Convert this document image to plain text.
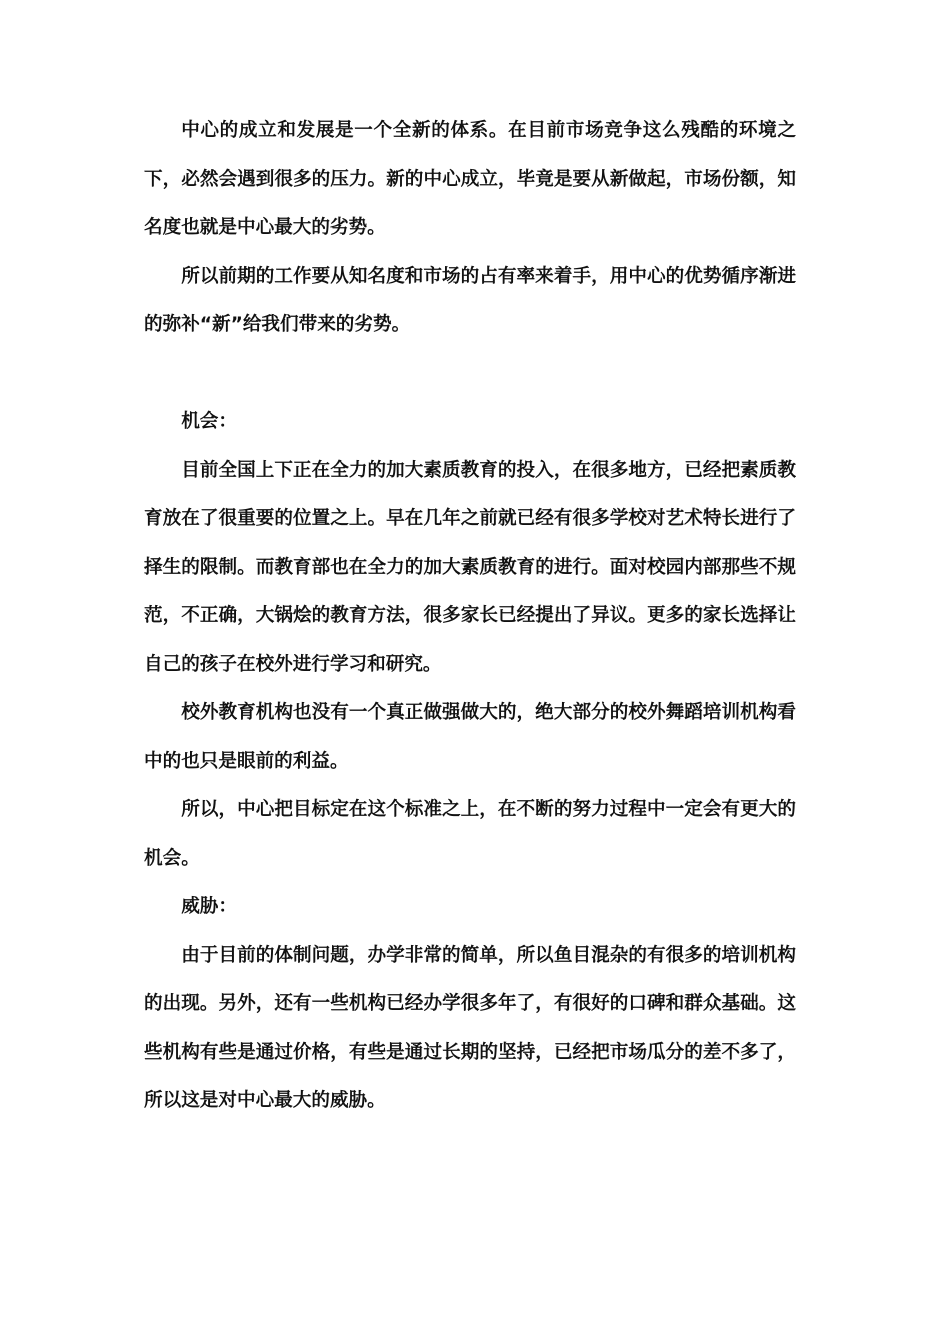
中心的成立和发展是一个全新的体系。在目前市场竞争这么残酷的环境之下，必然会遇到很多的压力。新的中心成立，毕竟是要从新做起，市场份额，知名度也就是中心最大的劣势。

所以前期的工作要从知名度和市场的占有率来着手，用中心的优势循序渐进的弥补“新”给我们带来的劣势。

机会：

目前全国上下正在全力的加大素质教育的投入，在很多地方，已经把素质教育放在了很重要的位置之上。早在几年之前就已经有很多学校对艺术特长进行了择生的限制。而教育部也在全力的加大素质教育的进行。面对校园内部那些不规范，不正确，大锅烩的教育方法，很多家长已经提出了异议。更多的家长选择让自己的孩子在校外进行学习和研究。

校外教育机构也没有一个真正做强做大的，绝大部分的校外舞蹈培训机构看中的也只是眼前的利益。

所以，中心把目标定在这个标准之上，在不断的努力过程中一定会有更大的机会。

威胁：

由于目前的体制问题，办学非常的简单，所以鱼目混杂的有很多的培训机构的出现。另外，还有一些机构已经办学很多年了，有很好的口碑和群众基础。这些机构有些是通过价格，有些是通过长期的坚持，已经把市场瓜分的差不多了，所以这是对中心最大的威胁。
